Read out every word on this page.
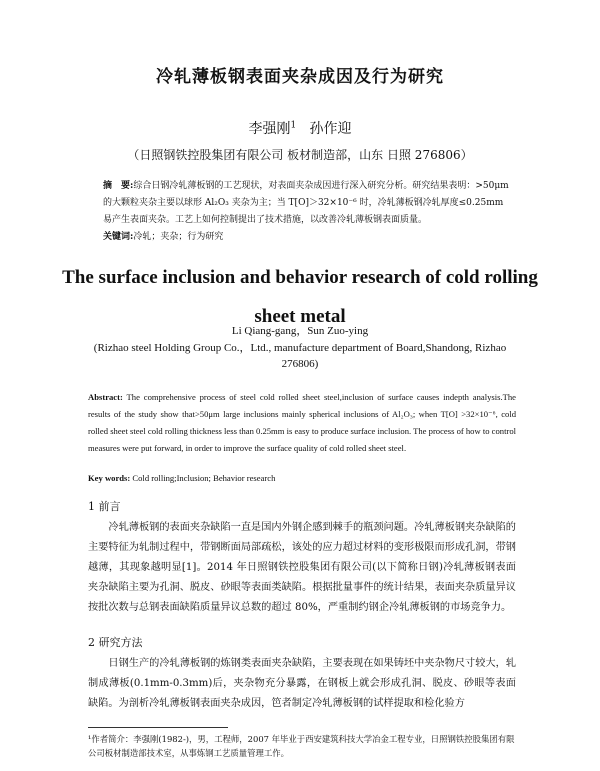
冷轧薄板钢表面夹杂成因及行为研究
李强刚$^1$ 孙作迎
（日照钢铁控股集团有限公司 板材制造部，山东 日照 276806）
摘　要:综合日钢冷轧薄板钢的工艺现状，对表面夹杂成因进行深入研究分析。研究结果表明：>50μm 的大颗粒夹杂主要以球形 Al₂O₃ 夹杂为主；当 T[O]＞32×10⁻⁶ 时，冷轧薄板钢冷轧厚度≤0.25mm 易产生表面夹杂。工艺上如何控制提出了技术措施，以改善冷轧薄板钢表面质量。
关键词:冷轧；夹杂；行为研究
The surface inclusion and behavior research of cold rolling sheet metal
Li Qiang-gang，Sun Zuo-ying
(Rizhao steel Holding Group Co.，Ltd., manufacture department of Board,Shandong, Rizhao 276806)
Abstract: The comprehensive process of steel cold rolled sheet steel,inclusion of surface causes indepth analysis.The results of the study show that>50μm large inclusions mainly spherical inclusions of Al₂O₃; when T[O] >32×10⁻⁶, cold rolled sheet steel cold rolling thickness less than 0.25mm is easy to produce surface inclusion. The process of how to control measures were put forward, in order to improve the surface quality of cold rolled sheet steel.
Key words: Cold rolling;Inclusion; Behavior research
1 前言
冷轧薄板钢的表面夹杂缺陷一直是国内外钢企感到棘手的瓶颈问题。冷轧薄板钢夹杂缺陷的主要特征为轧制过程中，带钢断面局部疏松，该处的应力超过材料的变形极限而形成孔洞，带钢越薄，其现象越明显[1]。2014 年日照钢铁控股集团有限公司(以下简称日钢)冷轧薄板钢表面夹杂缺陷主要为孔洞、脱皮、砂眼等表面类缺陷。根据批量事件的统计结果，表面夹杂质量异议按批次数与总钢表面缺陷质量异议总数的超过 80%，严重制约钢企冷轧薄板钢的市场竞争力。
2 研究方法
日钢生产的冷轧薄板钢的炼钢类表面夹杂缺陷，主要表现在如果铸坯中夹杂物尺寸较大，轧制成薄板(0.1mm-0.3mm)后，夹杂物充分暴露，在钢板上就会形成孔洞、脱皮、砂眼等表面缺陷。为剖析冷轧薄板钢表面夹杂成因，笆者制定冷轧薄板钢的试样提取和检化验方
¹作者简介：李强刚(1982-)，男，工程师，2007 年毕业于西安建筑科技大学冶金工程专业，日照钢铁控股集团有限公司板材制造部技术室，从事炼钢工艺质量管理工作。
